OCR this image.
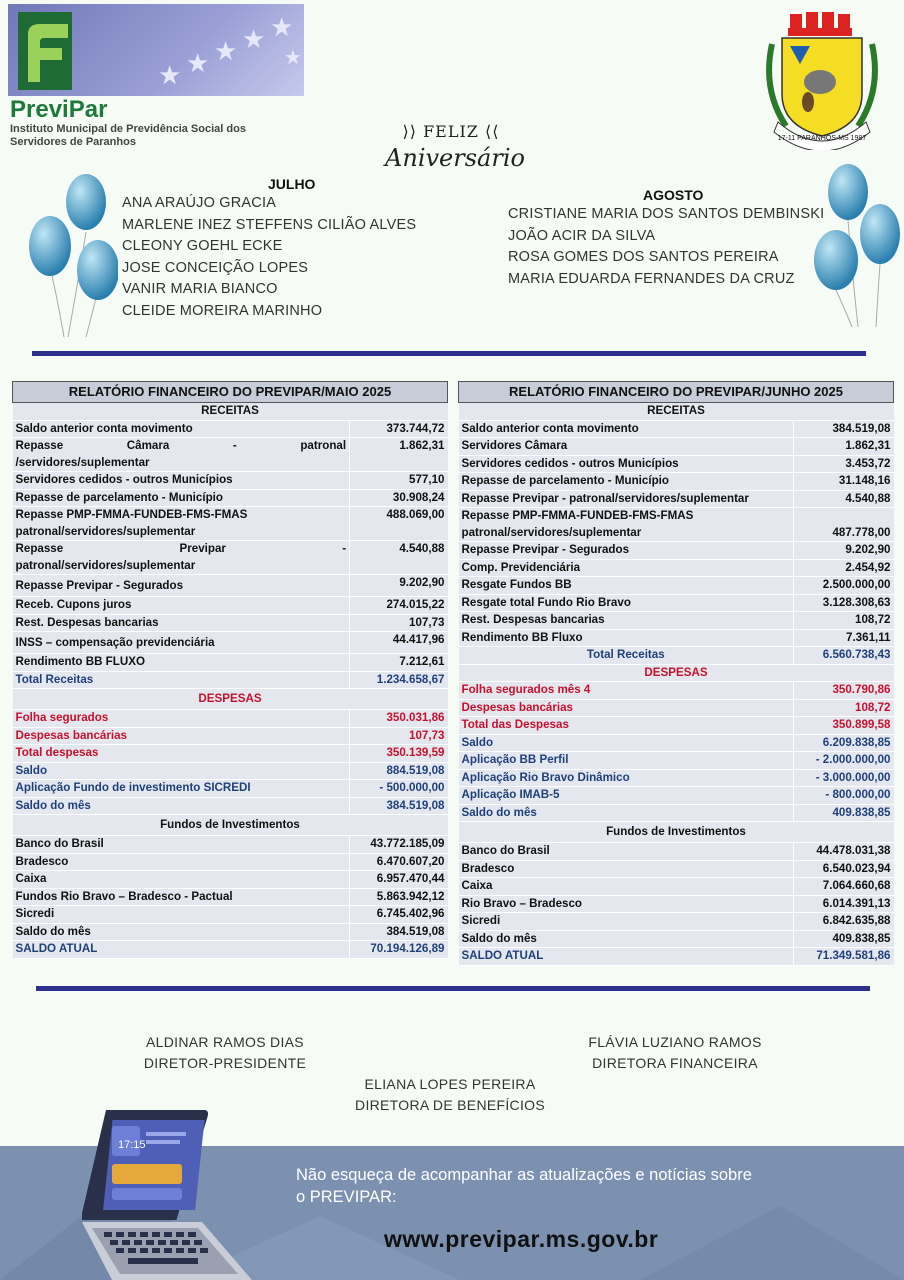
★ ★ ★ ★ ★
★
PreviPar
Instituto Municipal de Previdência Social dos
Servidores de Paranhos	17-11 PARANHOS-MS 1987
⟩⟩ FELIZ ⟨⟨
Aniversário
JULHO
ANA ARAÚJO GRACIA
MARLENE INEZ STEFFENS CILIÃO ALVES
CLEONY GOEHL ECKE
JOSE CONCEIÇÃO LOPES
VANIR MARIA BIANCO
CLEIDE MOREIRA MARINHO
AGOSTO
CRISTIANE MARIA DOS SANTOS DEMBINSKI
JOÃO ACIR DA SILVA
ROSA GOMES DOS SANTOS PEREIRA
MARIA EDUARDA FERNANDES DA CRUZ
RELATÓRIO FINANCEIRO DO PREVIPAR/MAIO 2025	
RECEITAS	
Saldo anterior conta movimento	373.744,72

Repasse Câmara - patronal
/servidores/suplementar	1.862,31
Servidores cedidos - outros Municípios	577,10
Repasse de parcelamento - Município	30.908,24

Repasse PMP-FMMA-FUNDEB-FMS-FMAS
patronal/servidores/suplementar	488.069,00

Repasse Previpar -
patronal/servidores/suplementar	4.540,88
Repasse Previpar - Segurados	9.202,90
Receb. Cupons juros	274.015,22
Rest. Despesas bancarias	107,73
INSS – compensação previdenciária	44.417,96
Rendimento BB FLUXO	7.212,61
Total Receitas	1.234.658,67
DESPESAS	
Folha segurados	350.031,86
Despesas bancárias	107,73
Total despesas	350.139,59
Saldo	884.519,08
Aplicação Fundo de investimento SICREDI	- 500.000,00
Saldo do mês	384.519,08
Fundos de Investimentos	
Banco do Brasil	43.772.185,09
Bradesco	6.470.607,20
Caixa	6.957.470,44
Fundos Rio Bravo – Bradesco - Pactual	5.863.942,12
Sicredi	6.745.402,96
Saldo do mês	384.519,08
SALDO ATUAL	70.194.126,89
RELATÓRIO FINANCEIRO DO PREVIPAR/JUNHO 2025	
RECEITAS	
Saldo anterior conta movimento	384.519,08
Servidores Câmara	1.862,31
Servidores cedidos - outros Municípios	3.453,72
Repasse de parcelamento - Município	31.148,16
Repasse Previpar - patronal/servidores/suplementar	4.540,88

Repasse PMP-FMMA-FUNDEB-FMS-FMAS
patronal/servidores/suplementar	487.778,00
Repasse Previpar - Segurados	9.202,90
Comp. Previdenciária	2.454,92
Resgate Fundos BB	2.500.000,00
Resgate total Fundo Rio Bravo	3.128.308,63
Rest. Despesas bancarias	108,72
Rendimento BB Fluxo	7.361,11
Total Receitas	6.560.738,43
DESPESAS	
Folha segurados mês 4	350.790,86
Despesas bancárias	108,72
Total das Despesas	350.899,58
Saldo	6.209.838,85
Aplicação BB Perfil	- 2.000.000,00
Aplicação Rio Bravo Dinâmico	- 3.000.000,00
Aplicação IMAB-5	- 800.000,00
Saldo do mês	409.838,85
Fundos de Investimentos	
Banco do Brasil	44.478.031,38
Bradesco	6.540.023,94
Caixa	7.064.660,68
Rio Bravo – Bradesco	6.014.391,13
Sicredi	6.842.635,88
Saldo do mês	409.838,85
SALDO ATUAL	71.349.581,86
ALDINAR RAMOS DIAS
DIRETOR-PRESIDENTE
FLÁVIA LUZIANO RAMOS
DIRETORA FINANCEIRA
ELIANA LOPES PEREIRA
DIRETORA DE BENEFÍCIOS
17:15
Não esqueça de acompanhar as atualizações e notícias sobre
o PREVIPAR:
www.previpar.ms.gov.br
